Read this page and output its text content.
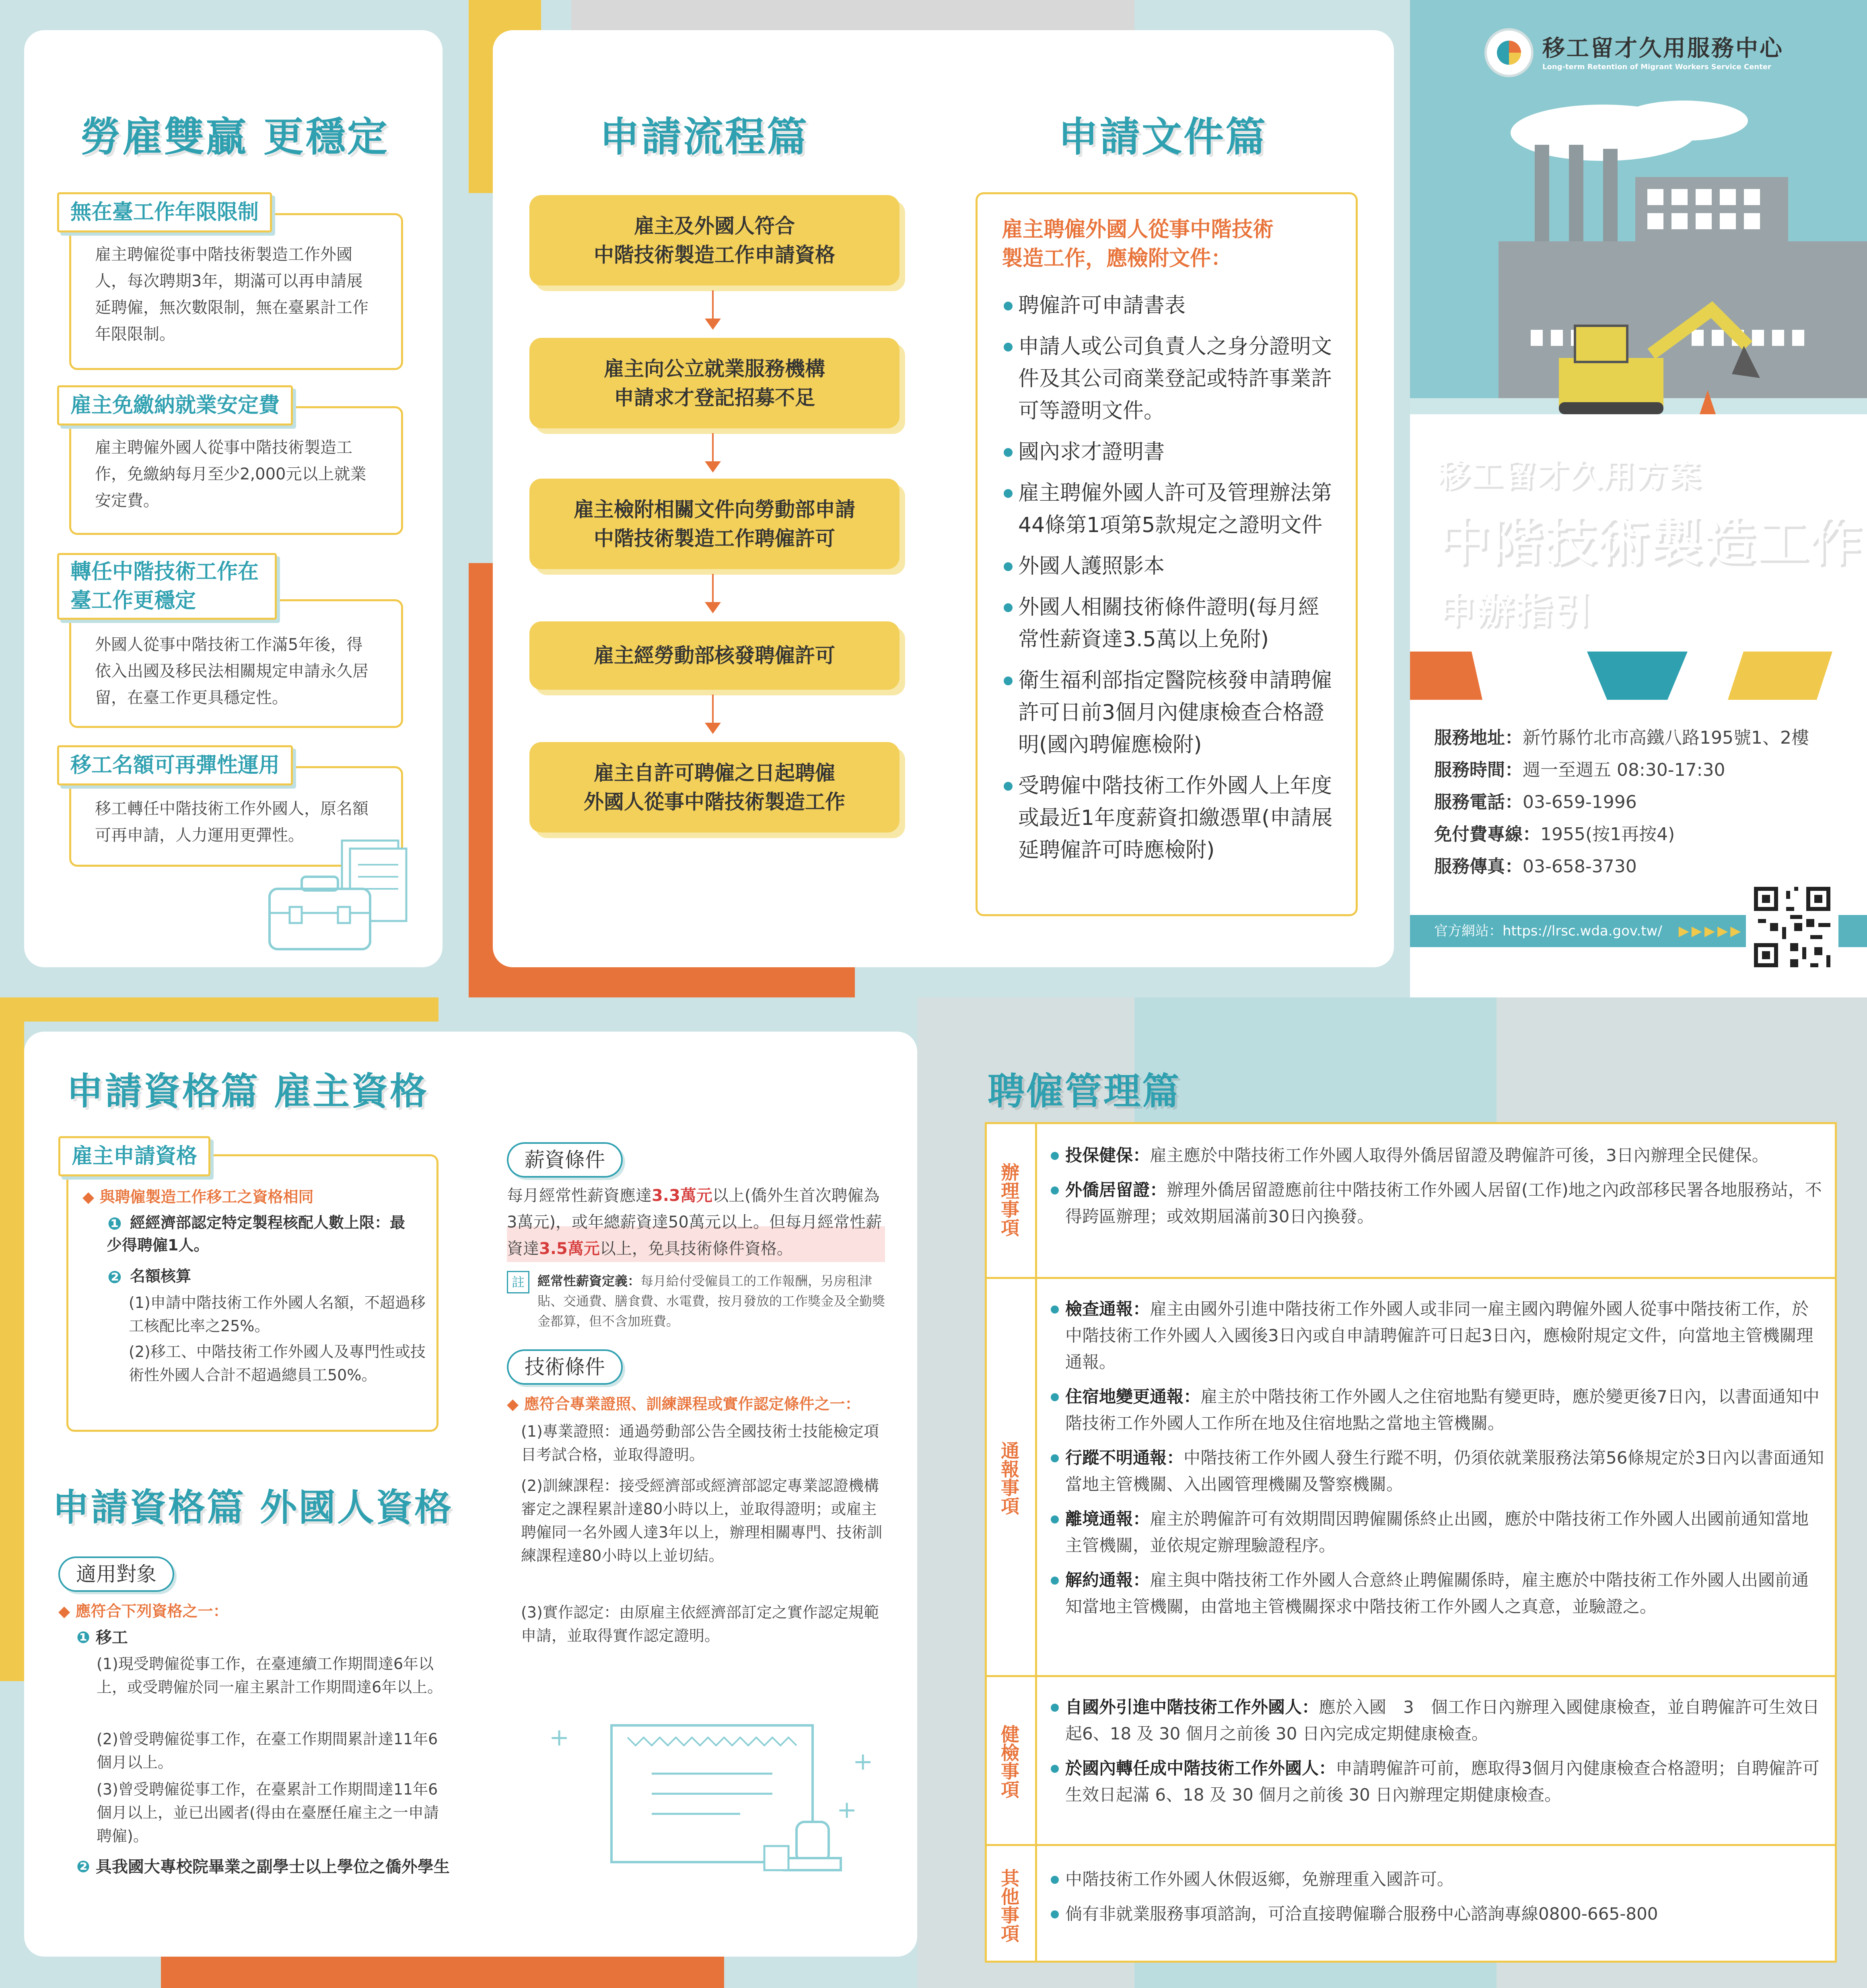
勞雇雙贏 更穩定
無在臺工作年限限制
雇主聘僱從事中階技術製造工作外國人，每次聘期3年，期滿可以再申請展延聘僱，無次數限制，無在臺累計工作年限限制。
雇主免繳納就業安定費
雇主聘僱外國人從事中階技術製造工作，免繳納每月至少2,000元以上就業安定費。
轉任中階技術工作在臺工作更穩定
外國人從事中階技術工作滿5年後，得依入出國及移民法相關規定申請永久居留，在臺工作更具穩定性。
移工名額可再彈性運用
移工轉任中階技術工作外國人，原名額可再申請，人力運用更彈性。
申請流程篇
雇主及外國人符合
中階技術製造工作申請資格
雇主向公立就業服務機構
申請求才登記招募不足
雇主檢附相關文件向勞動部申請
中階技術製造工作聘僱許可
雇主經勞動部核發聘僱許可
雇主自許可聘僱之日起聘僱
外國人從事中階技術製造工作
申請文件篇
雇主聘僱外國人從事中階技術
製造工作，應檢附文件：
聘僱許可申請書表
申請人或公司負責人之身分證明文件及其公司商業登記或特許事業許可等證明文件。
國內求才證明書
雇主聘僱外國人許可及管理辦法第44條第1項第5款規定之證明文件
外國人護照影本
外國人相關技術條件證明(每月經常性薪資達3.5萬以上免附)
衛生福利部指定醫院核發申請聘僱許可日前3個月內健康檢查合格證明(國內聘僱應檢附)
受聘僱中階技術工作外國人上年度或最近1年度薪資扣繳憑單(申請展延聘僱許可時應檢附)
移工留才久用服務中心
Long-term Retention of Migrant Workers Service Center
移工留才久用方案
中階技術製造工作
申辦指引
服務地址：新竹縣竹北市高鐵八路195號1、2樓
服務時間：週一至週五 08:30-17:30
服務電話：03-659-1996
免付費專線：1955(按1再按4)
服務傳真：03-658-3730
官方網站：https://lrsc.wda.gov.tw/ ▶▶▶▶▶
申請資格篇 雇主資格
雇主申請資格
◆ 與聘僱製造工作移工之資格相同
❶ 經經濟部認定特定製程核配人數上限：最少得聘僱1人。
❷ 名額核算
(1)申請中階技術工作外國人名額，不超過移工核配比率之25%。
(2)移工、中階技術工作外國人及專門性或技術性外國人合計不超過總員工50%。
申請資格篇 外國人資格
適用對象
◆ 應符合下列資格之一：
❶ 移工
(1)現受聘僱從事工作，在臺連續工作期間達6年以上，或受聘僱於同一雇主累計工作期間達6年以上。
(2)曾受聘僱從事工作，在臺工作期間累計達11年6個月以上。
(3)曾受聘僱從事工作，在臺累計工作期間達11年6個月以上，並已出國者(得由在臺歷任雇主之一申請聘僱)。
❷ 具我國大專校院畢業之副學士以上學位之僑外學生
薪資條件
每月經常性薪資應達3.3萬元以上(僑外生首次聘僱為3萬元)，或年總薪資達50萬元以上。但每月經常性薪資達3.5萬元以上，免具技術條件資格。
註	經常性薪資定義：每月給付受僱員工的工作報酬，另房租津貼、交通費、膳食費、水電費，按月發放的工作獎金及全勤獎金都算，但不含加班費。
技術條件
◆ 應符合專業證照、訓練課程或實作認定條件之一：
(1)專業證照：通過勞動部公告全國技術士技能檢定項目考試合格，並取得證明。
(2)訓練課程：接受經濟部或經濟部認定專業認證機構審定之課程累計達80小時以上，並取得證明；或雇主聘僱同一名外國人達3年以上，辦理相關專門、技術訓練課程達80小時以上並切結。
(3)實作認定：由原雇主依經濟部訂定之實作認定規範申請，並取得實作認定證明。
+
+
+
聘僱管理篇
辦理事項
投保健保：雇主應於中階技術工作外國人取得外僑居留證及聘僱許可後，3日內辦理全民健保。
外僑居留證：辦理外僑居留證應前往中階技術工作外國人居留(工作)地之內政部移民署各地服務站，不得跨區辦理；或效期屆滿前30日內換發。
通報事項
檢查通報：雇主由國外引進中階技術工作外國人或非同一雇主國內聘僱外國人從事中階技術工作，於中階技術工作外國人入國後3日內或自申請聘僱許可日起3日內，應檢附規定文件，向當地主管機關理通報。
住宿地變更通報：雇主於中階技術工作外國人之住宿地點有變更時，應於變更後7日內，以書面通知中階技術工作外國人工作所在地及住宿地點之當地主管機關。
行蹤不明通報：中階技術工作外國人發生行蹤不明，仍須依就業服務法第56條規定於3日內以書面通知當地主管機關、入出國管理機關及警察機關。
離境通報：雇主於聘僱許可有效期間因聘僱關係終止出國，應於中階技術工作外國人出國前通知當地主管機關，並依規定辦理驗證程序。
解約通報：雇主與中階技術工作外國人合意終止聘僱關係時，雇主應於中階技術工作外國人出國前通知當地主管機關，由當地主管機關探求中階技術工作外國人之真意，並驗證之。
健檢事項
自國外引進中階技術工作外國人：應於入國　3　個工作日內辦理入國健康檢查，並自聘僱許可生效日起6、18 及 30 個月之前後 30 日內完成定期健康檢查。
於國內轉任成中階技術工作外國人：申請聘僱許可前，應取得3個月內健康檢查合格證明；自聘僱許可生效日起滿 6、18 及 30 個月之前後 30 日內辦理定期健康檢查。
其他事項	中階技術工作外國人休假返鄉，免辦理重入國許可。
倘有非就業服務事項諮詢，可洽直接聘僱聯合服務中心諮詢專線0800-665-800
